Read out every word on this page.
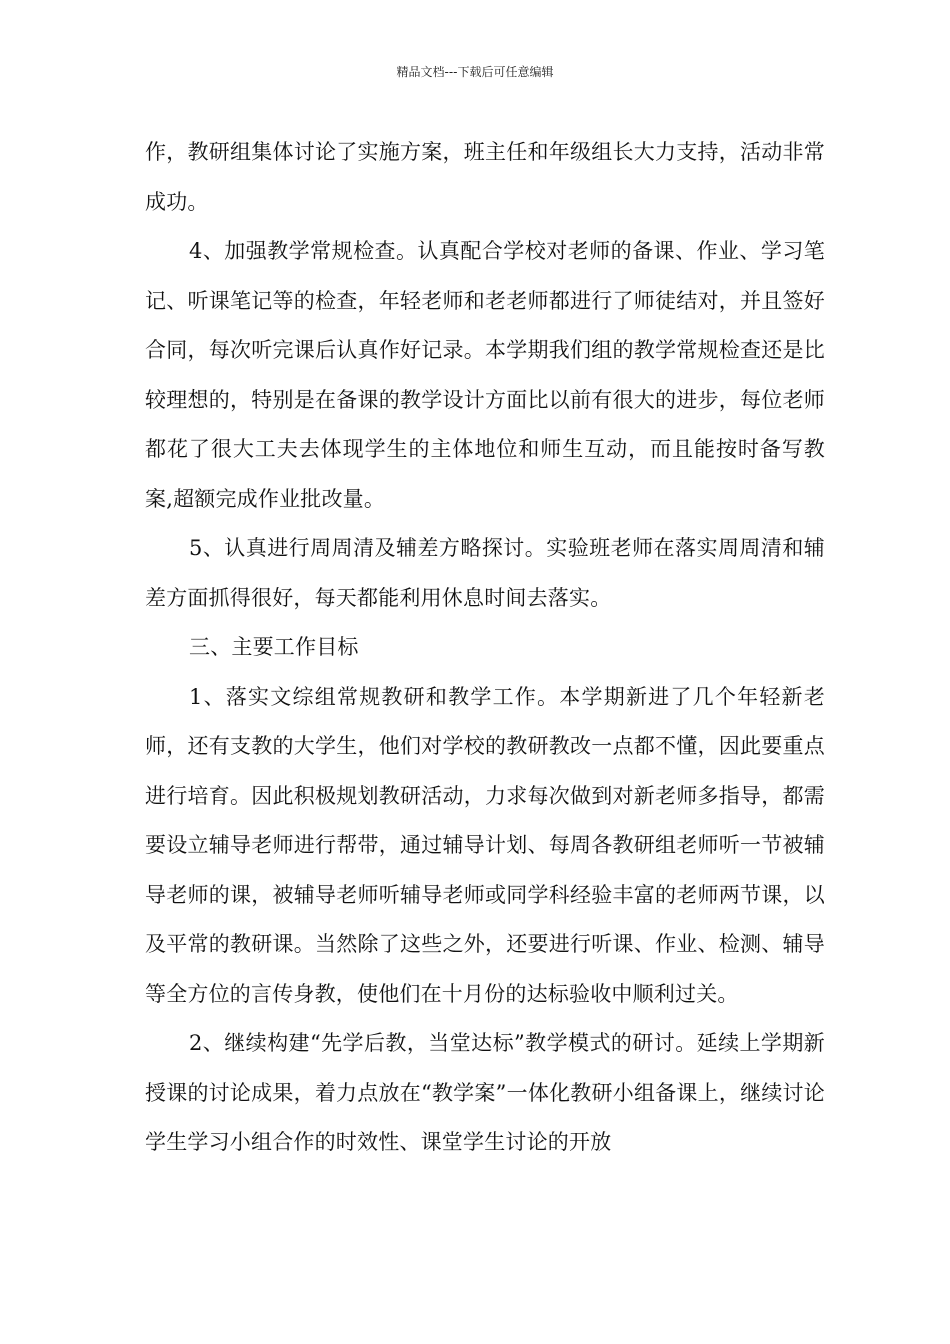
精品文档---下载后可任意编辑

作，教研组集体讨论了实施方案，班主任和年级组长大力支持，活动非常成功。

4、加强教学常规检查。认真配合学校对老师的备课、作业、学习笔记、听课笔记等的检查，年轻老师和老老师都进行了师徒结对，并且签好合同，每次听完课后认真作好记录。本学期我们组的教学常规检查还是比较理想的，特别是在备课的教学设计方面比以前有很大的进步，每位老师都花了很大工夫去体现学生的主体地位和师生互动，而且能按时备写教案,超额完成作业批改量。

5、认真进行周周清及辅差方略探讨。实验班老师在落实周周清和辅差方面抓得很好，每天都能利用休息时间去落实。

三、主要工作目标

1、落实文综组常规教研和教学工作。本学期新进了几个年轻新老师，还有支教的大学生，他们对学校的教研教改一点都不懂，因此要重点进行培育。因此积极规划教研活动，力求每次做到对新老师多指导，都需要设立辅导老师进行帮带，通过辅导计划、每周各教研组老师听一节被辅导老师的课，被辅导老师听辅导老师或同学科经验丰富的老师两节课，以及平常的教研课。当然除了这些之外，还要进行听课、作业、检测、辅导等全方位的言传身教，使他们在十月份的达标验收中顺利过关。

2、继续构建“先学后教，当堂达标”教学模式的研讨。延续上学期新授课的讨论成果，着力点放在“教学案”一体化教研小组备课上，继续讨论学生学习小组合作的时效性、课堂学生讨论的开放
